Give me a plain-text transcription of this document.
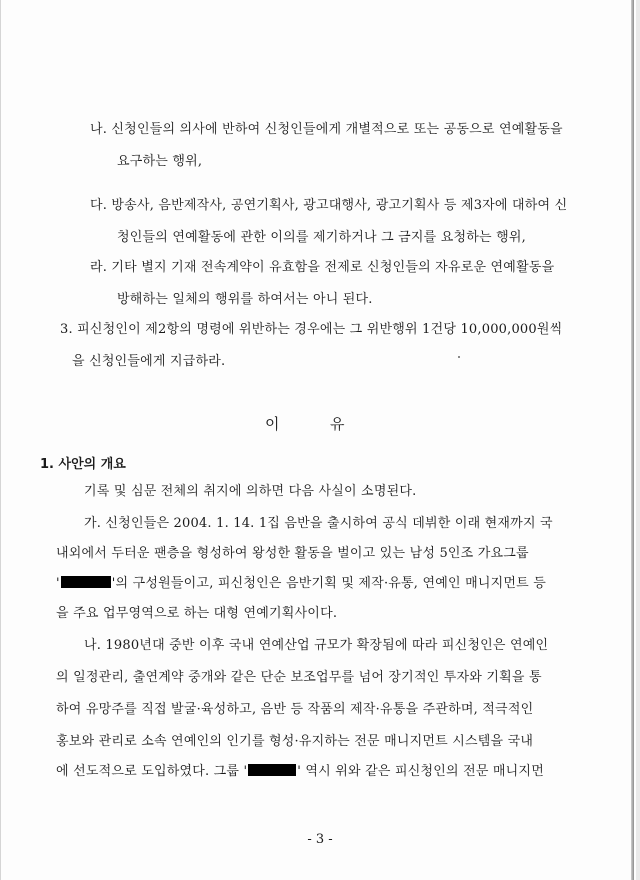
나. 신청인들의 의사에 반하여 신청인들에게 개별적으로 또는 공동으로 연예활동을
요구하는 행위,
다. 방송사, 음반제작사, 공연기획사, 광고대행사, 광고기획사 등 제3자에 대하여 신
청인들의 연예활동에 관한 이의를 제기하거나 그 금지를 요청하는 행위,
라. 기타 별지 기재 전속계약이 유효함을 전제로 신청인들의 자유로운 연예활동을
방해하는 일체의 행위를 하여서는 아니 된다.
3. 피신청인이 제2항의 명령에 위반하는 경우에는 그 위반행위 1건당 10,000,000원씩
을 신청인들에게 지급하라.
이	유
1. 사안의 개요
기록 및 심문 전체의 취지에 의하면 다음 사실이 소명된다.
가. 신청인들은 2004. 1. 14. 1집 음반을 출시하여 공식 데뷔한 이래 현재까지 국
내외에서 두터운 팬층을 형성하여 왕성한 활동을 벌이고 있는 남성 5인조 가요그룹
'	'의 구성원들이고, 피신청인은 음반기획 및 제작·유통, 연예인 매니지먼트 등
을 주요 업무영역으로 하는 대형 연예기획사이다.
나. 1980년대 중반 이후 국내 연예산업 규모가 확장됨에 따라 피신청인은 연예인
의 일정관리, 출연계약 중개와 같은 단순 보조업무를 넘어 장기적인 투자와 기획을 통
하여 유망주를 직접 발굴·육성하고, 음반 등 작품의 제작·유통을 주관하며, 적극적인
홍보와 관리로 소속 연예인의 인기를 형성·유지하는 전문 매니지먼트 시스템을 국내
에 선도적으로 도입하였다. 그룹 '	' 역시 위와 같은 피신청인의 전문 매니지먼
- 3 -
